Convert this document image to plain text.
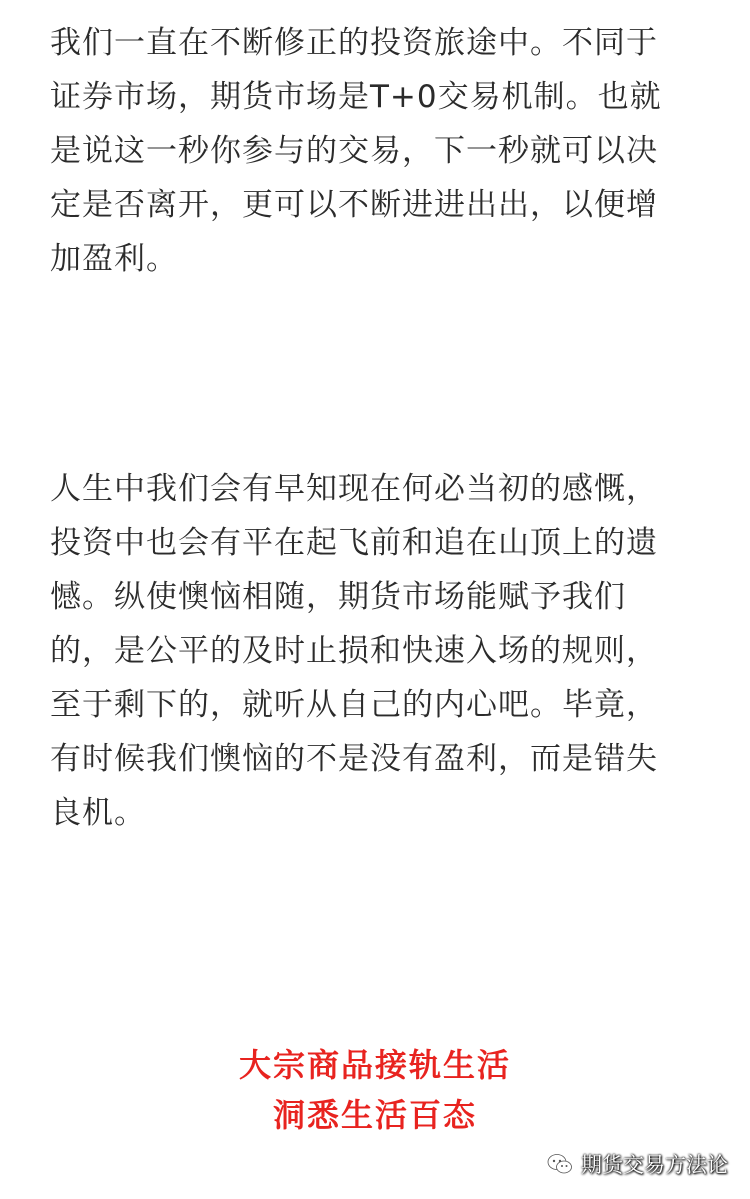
我们一直在不断修正的投资旅途中。不同于
证券市场，期货市场是T+0交易机制。也就
是说这一秒你参与的交易，下一秒就可以决
定是否离开，更可以不断进进出出，以便增
加盈利。
人生中我们会有早知现在何必当初的感慨，
投资中也会有平在起飞前和追在山顶上的遗
憾。纵使懊恼相随，期货市场能赋予我们
的，是公平的及时止损和快速入场的规则，
至于剩下的，就听从自己的内心吧。毕竟，
有时候我们懊恼的不是没有盈利，而是错失
良机。
大宗商品接轨生活
洞悉生活百态
期货交易方法论
